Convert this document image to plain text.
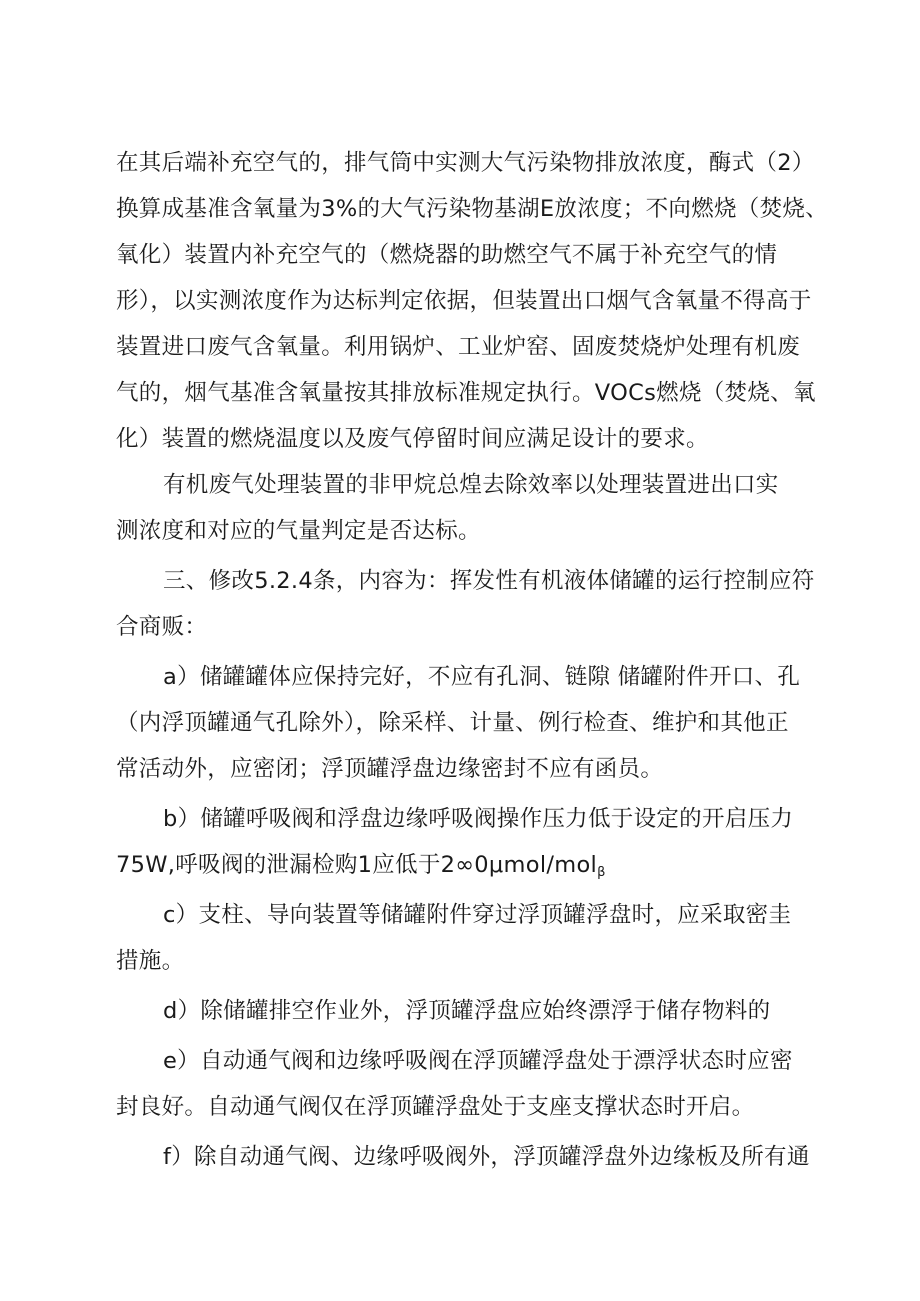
在其后端补充空气的，排气筒中实测大气污染物排放浓度，酶式（2）
换算成基准含氧量为3%的大气污染物基湖E放浓度；不向燃烧（焚烧、
氧化）装置内补充空气的（燃烧器的助燃空气不属于补充空气的情
形），以实测浓度作为达标判定依据，但装置出口烟气含氧量不得高于
装置进口废气含氧量。利用锅炉、工业炉窑、固废焚烧炉处理有机废
气的，烟气基准含氧量按其排放标准规定执行。VOCs燃烧（焚烧、氧
化）装置的燃烧温度以及废气停留时间应满足设计的要求。
有机废气处理装置的非甲烷总煌去除效率以处理装置进出口实
测浓度和对应的气量判定是否达标。
三、修改5.2.4条，内容为：挥发性有机液体储罐的运行控制应符
合商贩：
a）储罐罐体应保持完好，不应有孔洞、链隙 储罐附件开口、孔
（内浮顶罐通气孔除外），除采样、计量、例行检查、维护和其他正
常活动外，应密闭；浮顶罐浮盘边缘密封不应有函员。
b）储罐呼吸阀和浮盘边缘呼吸阀操作压力低于设定的开启压力
75W,呼吸阀的泄漏检购1应低于2∞0μmol/molβ
c）支柱、导向装置等储罐附件穿过浮顶罐浮盘时，应采取密圭
措施。
d）除储罐排空作业外，浮顶罐浮盘应始终漂浮于储存物料的
e）自动通气阀和边缘呼吸阀在浮顶罐浮盘处于漂浮状态时应密
封良好。自动通气阀仅在浮顶罐浮盘处于支座支撑状态时开启。
f）除自动通气阀、边缘呼吸阀外，浮顶罐浮盘外边缘板及所有通
